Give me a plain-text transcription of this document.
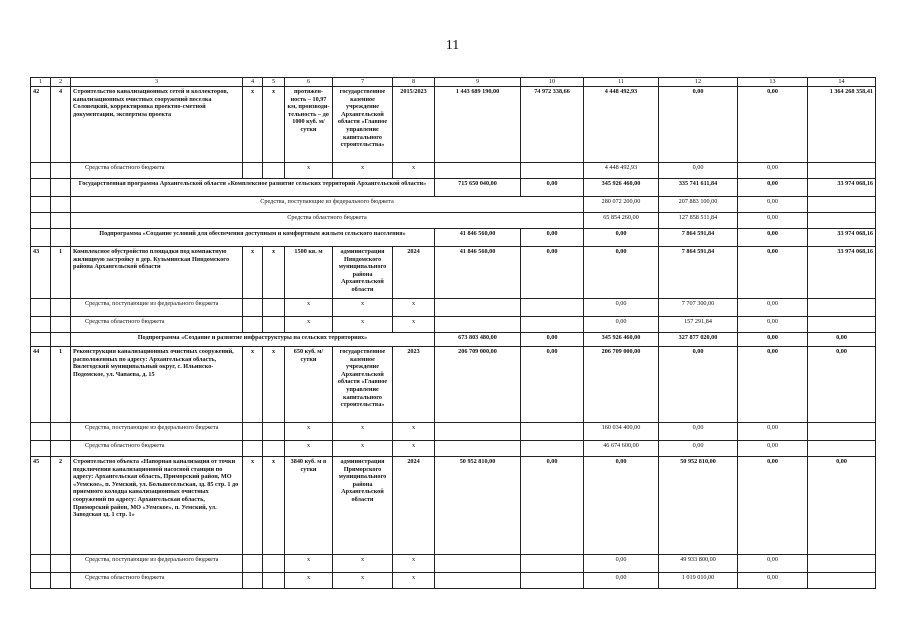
11
1	2	3	4	5	6	7	8	9	10	11	12	13	14
42	4	Строительство канализационных сетей и коллекторов, канализационных очистных сооружений поселка Соловецкий, корректировка проектно-сметной документации, экспертиза проекта	х	х	протяжен- ность – 10,97 км, производи- тельность – до 1000 куб. м/ сутки	государственное казенное учреждение Архангельской области «Главное управление капитального строительства»	2015/2023	1 443 689 190,00	74 972 338,66	4 448 492,93	0,00	0,00	1 364 268 358,41
		Средства областного бюджета			х	х	х			4 448 492,93	0,00	0,00	
		Государственная программа Архангельской области «Комплексное развитие сельских территорий Архангельской области»						715 650 040,00	0,00	345 926 460,00	335 741 611,84	0,00	33 974 068,16
		Средства, поступающие из федерального бюджета								280 072 200,00	207 883 100,00	0,00	
		Средства областного бюджета								65 854 260,00	127 858 511,84	0,00	
		Подпрограмма «Создание условий для обеспечения доступным и комфортным жильем сельского населения»						41 846 560,00	0,00	0,00	7 864 591,84	0,00	33 974 068,16
43	1	Комплексное обустройство площадки под компактную жилищную застройку в дер. Кузьминская Няндомского района Архангельской области	х	х	1500 кв. м	администрация Няндомского муниципального района Архангельской области	2024	41 846 560,00	0,00	0,00	7 864 591,84	0,00	33 974 068,16
		Средства, поступающие из федерального бюджета			х	х	х			0,00	7 707 300,00	0,00	
		Средства областного бюджета			х	х	х			0,00	157 291,84	0,00	
		Подпрограмма «Создание и развитие инфраструктуры на сельских территориях»						673 803 480,00	0,00	345 926 460,00	327 877 020,00	0,00	0,00
44	1	Реконструкция канализационных очистных сооружений, расположенных по адресу: Архангельская область, Вилегодский муниципальный округ, с. Ильинско-Подомское, ул. Чапаева, д. 15	х	х	650 куб. м/сутки	государственное казенное учреждение Архангельской области «Главное управление капитального строительства»	2023	206 709 000,00	0,00	206 709 000,00	0,00	0,00	0,00
		Средства, поступающие из федерального бюджета			х	х	х			160 034 400,00	0,00	0,00	
		Средства областного бюджета			х	х	х			46 674 600,00	0,00	0,00	
45	2	Строительство объекта «Напорная канализация от точки подключения канализационной насосной станции по адресу: Архангельская область, Приморский район, МО «Уемское», п. Уемский, ул. Большесельская, зд. 85 стр. 1 до приемного колодца канализационных очистных сооружений по адресу: Архангельская область, Приморский район, МО «Уемское», п. Уемский, ул. Заводская зд. 1 стр. 1»	х	х	3840 куб. м в сутки	администрация Приморского муниципального района Архангельской области	2024	50 952 810,00	0,00	0,00	50 952 810,00	0,00	0,00
		Средства, поступающие из федерального бюджета			х	х	х			0,00	49 933 800,00	0,00	
		Средства областного бюджета			х	х	х			0,00	1 019 010,00	0,00	
